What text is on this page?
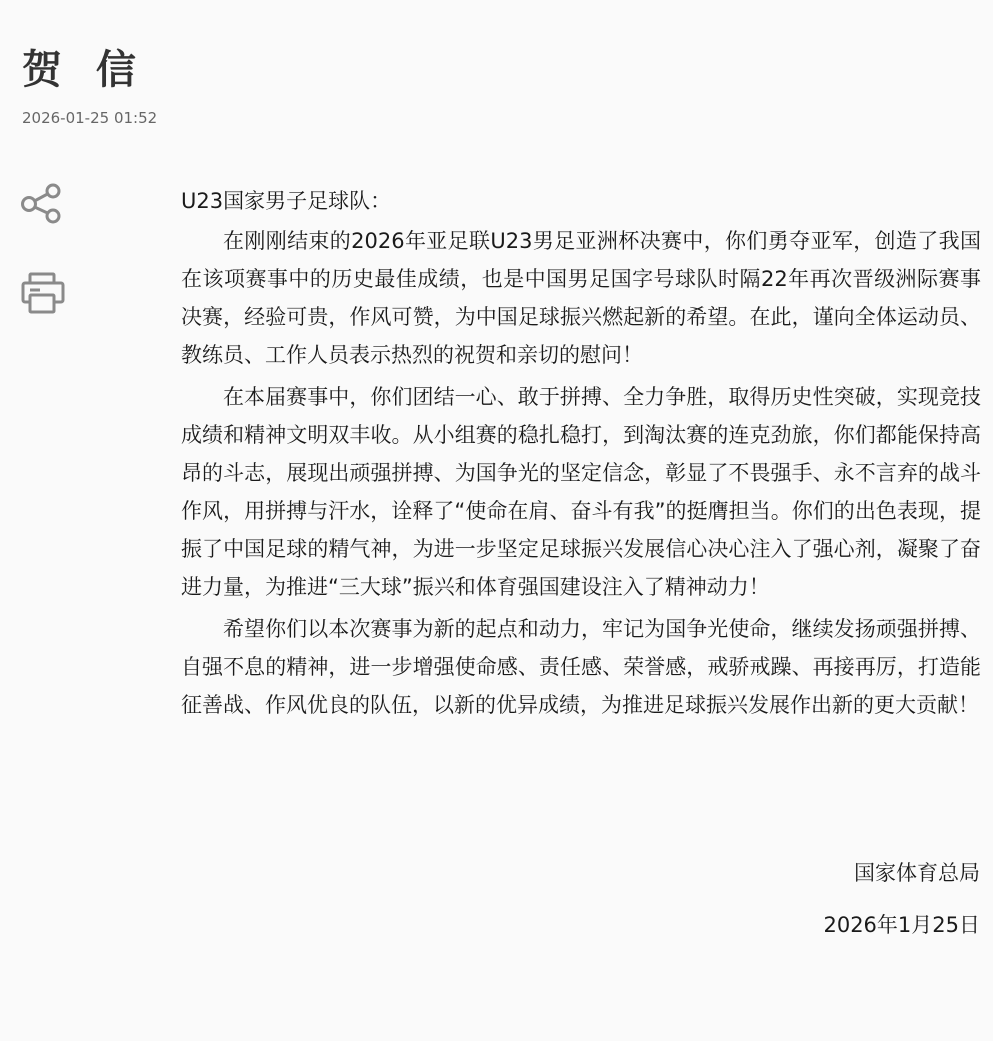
贺 信
2026-01-25 01:52

U23国家男子足球队：

在刚刚结束的2026年亚足联U23男足亚洲杯决赛中，你们勇夺亚军，创造了我国在该项赛事中的历史最佳成绩，也是中国男足国字号球队时隔22年再次晋级洲际赛事决赛，经验可贵，作风可赞，为中国足球振兴燃起新的希望。在此，谨向全体运动员、教练员、工作人员表示热烈的祝贺和亲切的慰问！

在本届赛事中，你们团结一心、敢于拼搏、全力争胜，取得历史性突破，实现竞技成绩和精神文明双丰收。从小组赛的稳扎稳打，到淘汰赛的连克劲旅，你们都能保持高昂的斗志，展现出顽强拼搏、为国争光的坚定信念，彰显了不畏强手、永不言弃的战斗作风，用拼搏与汗水，诠释了“使命在肩、奋斗有我”的挺膺担当。你们的出色表现，提振了中国足球的精气神，为进一步坚定足球振兴发展信心决心注入了强心剂，凝聚了奋进力量，为推进“三大球”振兴和体育强国建设注入了精神动力！

希望你们以本次赛事为新的起点和动力，牢记为国争光使命，继续发扬顽强拼搏、自强不息的精神，进一步增强使命感、责任感、荣誉感，戒骄戒躁、再接再厉，打造能征善战、作风优良的队伍，以新的优异成绩，为推进足球振兴发展作出新的更大贡献！

国家体育总局
2026年1月25日
